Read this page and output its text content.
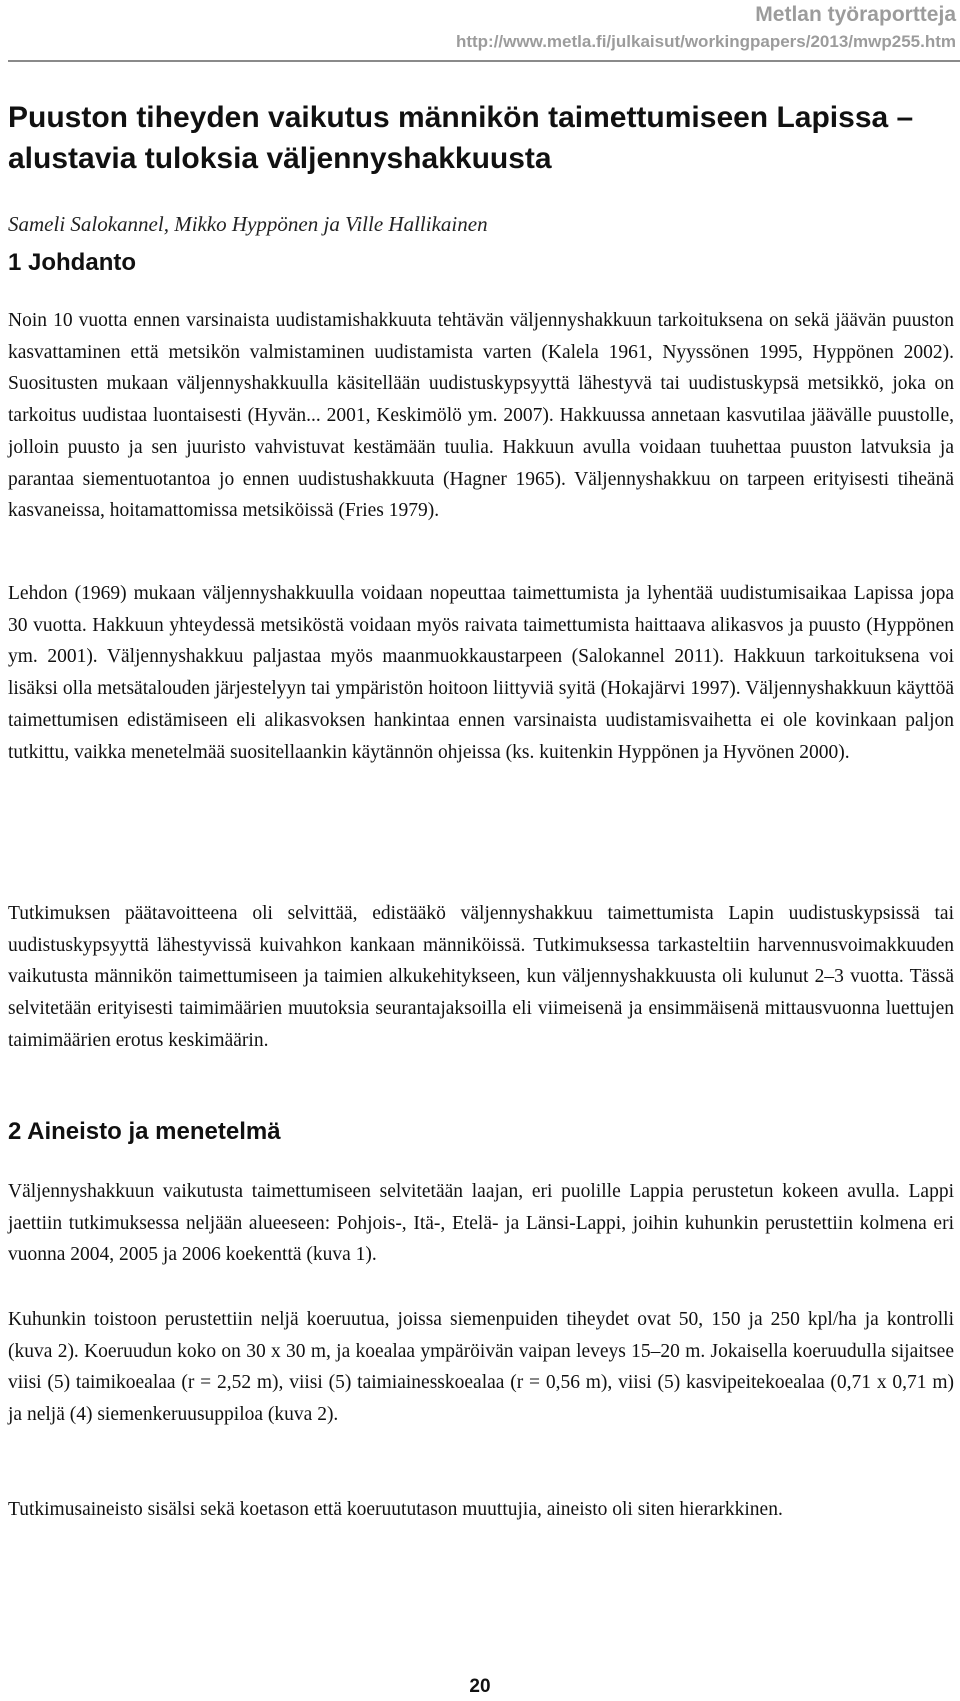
Metlan työraportteja
http://www.metla.fi/julkaisut/workingpapers/2013/mwp255.htm
Puuston tiheyden vaikutus männikön taimettumiseen Lapissa – alustavia tuloksia väljennyshakkuusta

Sameli Salokannel, Mikko Hyppönen ja Ville Hallikainen

1 Johdanto

Noin 10 vuotta ennen varsinaista uudistamishakkuuta tehtävän väljennyshakkuun tarkoituksena on sekä jäävän puuston kasvattaminen että metsikön valmistaminen uudistamista varten (Kalela 1961, Nyyssönen 1995, Hyppönen 2002). Suositusten mukaan väljennyshakkuulla käsitellään uudistuskypsyyttä lähestyvä tai uudistuskypsä metsikkö, joka on tarkoitus uudistaa luontaisesti (Hyvän... 2001, Keskimölö ym. 2007). Hakkuussa annetaan kasvutilaa jäävälle puustolle, jolloin puusto ja sen juuristo vahvistuvat kestämään tuulia. Hakkuun avulla voidaan tuuhettaa puuston latvuksia ja parantaa siementuotantoa jo ennen uudistushakkuuta (Hagner 1965). Väljennyshakkuu on tarpeen erityisesti tiheänä kasvaneissa, hoitamattomissa metsiköissä (Fries 1979).

Lehdon (1969) mukaan väljennyshakkuulla voidaan nopeuttaa taimettumista ja lyhentää uudistumisaikaa Lapissa jopa 30 vuotta. Hakkuun yhteydessä metsiköstä voidaan myös raivata taimettumista haittaava alikasvos ja puusto (Hyppönen ym. 2001). Väljennyshakkuu paljastaa myös maanmuokkaustarpeen (Salokannel 2011). Hakkuun tarkoituksena voi lisäksi olla metsätalouden järjestelyyn tai ympäristön hoitoon liittyviä syitä (Hokajärvi 1997). Väljennyshakkuun käyttöä taimettumisen edistämiseen eli alikasvoksen hankintaa ennen varsinaista uudistamisvaihetta ei ole kovinkaan paljon tutkittu, vaikka menetelmää suositellaankin käytännön ohjeissa (ks. kuitenkin Hyppönen ja Hyvönen 2000).

Tutkimuksen päätavoitteena oli selvittää, edistääkö väljennyshakkuu taimettumista Lapin uudistuskypsissä tai uudistuskypsyyttä lähestyvissä kuivahkon kankaan männiköissä. Tutkimuksessa tarkasteltiin harvennusvoimakkuuden vaikutusta männikön taimettumiseen ja taimien alkukehitykseen, kun väljennyshakkuusta oli kulunut 2–3 vuotta. Tässä selvitetään erityisesti taimimäärien muutoksia seurantajaksoilla eli viimeisenä ja ensimmäisenä mittausvuonna luettujen taimimäärien erotus keskimäärin.

2 Aineisto ja menetelmä

Väljennyshakkuun vaikutusta taimettumiseen selvitetään laajan, eri puolille Lappia perustetun kokeen avulla. Lappi jaettiin tutkimuksessa neljään alueeseen: Pohjois-, Itä-, Etelä- ja Länsi-Lappi, joihin kuhunkin perustettiin kolmena eri vuonna 2004, 2005 ja 2006 koekenttä (kuva 1).

Kuhunkin toistoon perustettiin neljä koeruutua, joissa siemenpuiden tiheydet ovat 50, 150 ja 250 kpl/ha ja kontrolli (kuva 2). Koeruudun koko on 30 x 30 m, ja koealaa ympäröivän vaipan leveys 15–20 m. Jokaisella koeruudulla sijaitsee viisi (5) taimikoealaa (r = 2,52 m), viisi (5) taimiainesskoealaa (r = 0,56 m), viisi (5) kasvipeitekoealaa (0,71 x 0,71 m) ja neljä (4) siemenkeruusuppiloa (kuva 2).

Tutkimusaineisto sisälsi sekä koetason että koeruututason muuttujia, aineisto oli siten hierarkkinen.

20
